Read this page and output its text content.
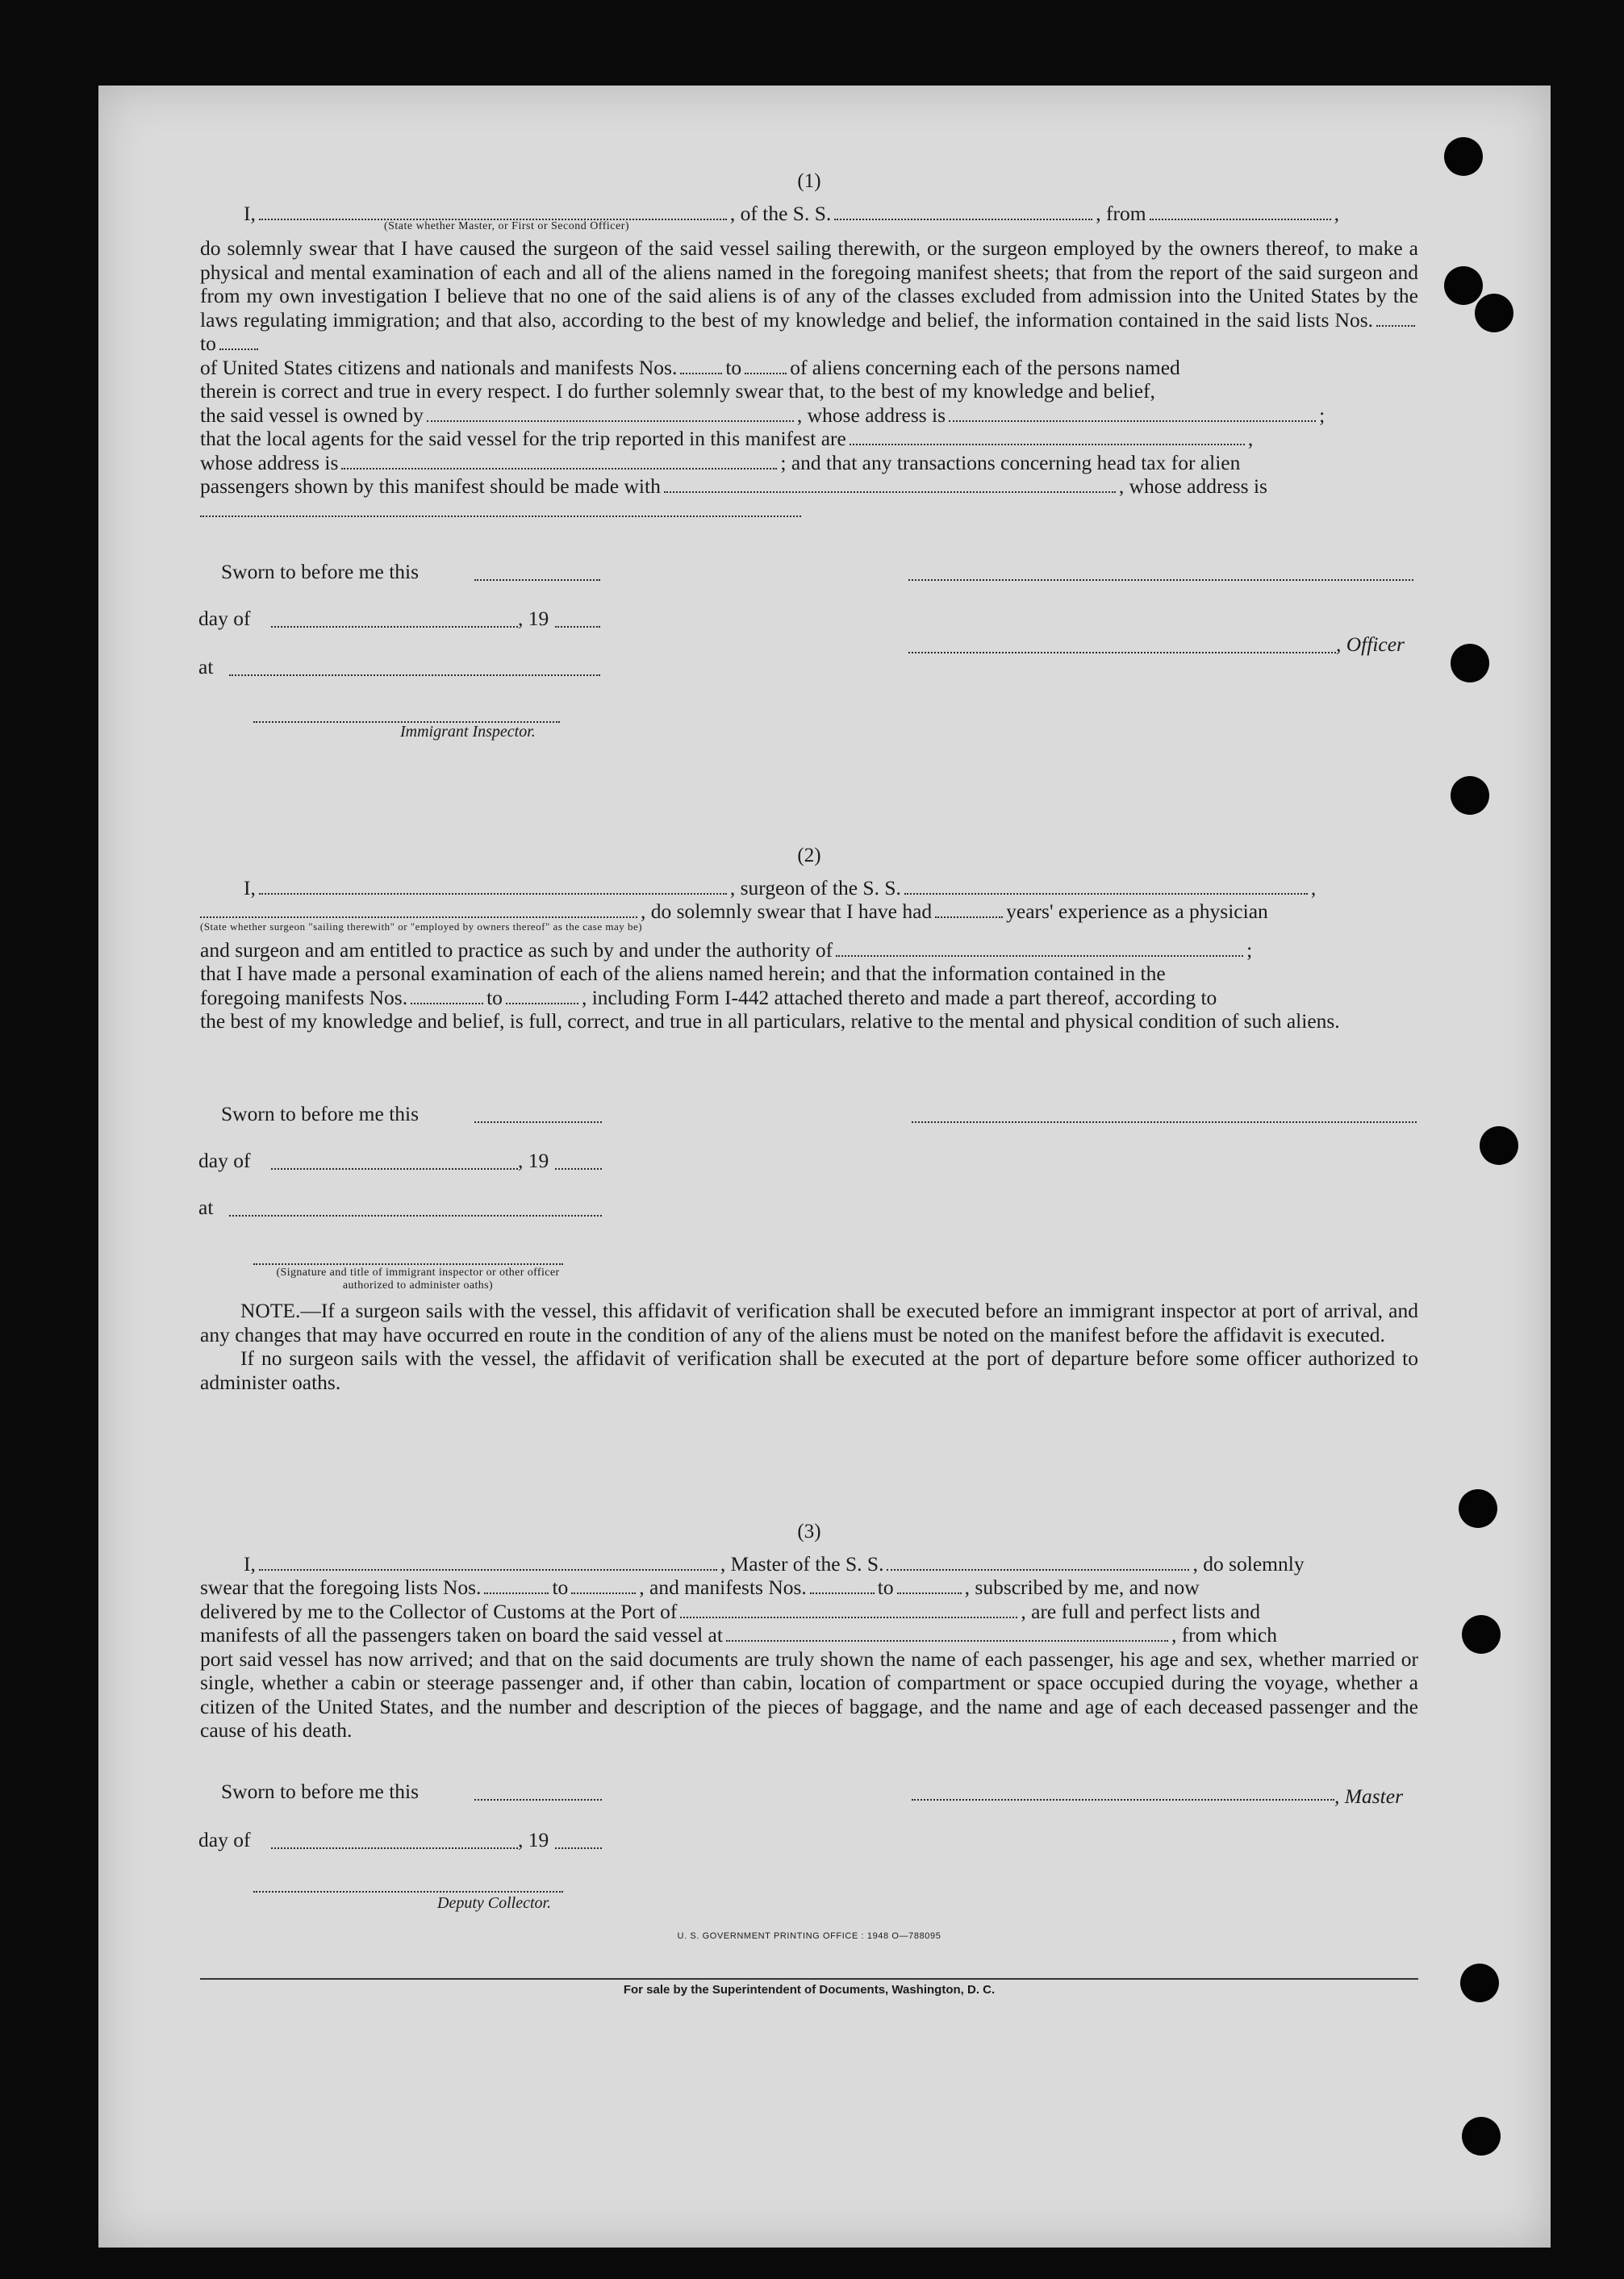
(1)
I,	, of the S. S.	, from	,
(State whether Master, or First or Second Officer)
do solemnly swear that I have caused the surgeon of the said vessel sailing therewith, or the surgeon employed by the owners thereof, to make a physical and mental examination of each and all of the aliens named in the foregoing manifest sheets; that from the report of the said surgeon and from my own investigation I believe that no one of the said aliens is of any of the classes excluded from admission into the United States by the laws regulating immigration; and that also, according to the best of my knowledge and belief, the information contained in the said lists Nos.to
of United States citizens and nationals and manifests Nos. to of aliens concerning each of the persons named
therein is correct and true in every respect. I do further solemnly swear that, to the best of my knowledge and belief,
the said vessel is owned by	, whose address is	;
that the local agents for the said vessel for the trip reported in this manifest are	,
whose address is	; and that any transactions concerning head tax for alien
passengers shown by this manifest should be made with	, whose address is
Sworn to before me this
day of	, 19
, Officer
at
Immigrant Inspector.
(2)
I,	, surgeon of the S. S.	,
, do solemnly swear that I have had	years' experience as a physician
(State whether surgeon "sailing therewith" or "employed by owners thereof" as the case may be)
and surgeon and am entitled to practice as such by and under the authority of	;
that I have made a personal examination of each of the aliens named herein; and that the information contained in the
foregoing manifests Nos.	to	, including Form I-442 attached thereto and made a part thereof, according to
the best of my knowledge and belief, is full, correct, and true in all particulars, relative to the mental and physical condition of such aliens.
Sworn to before me this
day of	, 19
at
(Signature and title of immigrant inspector or other officer authorized to administer oaths)
NOTE.—If a surgeon sails with the vessel, this affidavit of verification shall be executed before an immigrant inspector at port of arrival, and any changes that may have occurred en route in the condition of any of the aliens must be noted on the manifest before the affidavit is executed.
If no surgeon sails with the vessel, the affidavit of verification shall be executed at the port of departure before some officer authorized to administer oaths.
(3)
I,	, Master of the S. S.	, do solemnly
swear that the foregoing lists Nos.	to	, and manifests Nos.	to	, subscribed by me, and now
delivered by me to the Collector of Customs at the Port of	, are full and perfect lists and
manifests of all the passengers taken on board the said vessel at	, from which
port said vessel has now arrived; and that on the said documents are truly shown the name of each passenger, his age and sex, whether married or single, whether a cabin or steerage passenger and, if other than cabin, location of compartment or space occupied during the voyage, whether a citizen of the United States, and the number and description of the pieces of baggage, and the name and age of each deceased passenger and the cause of his death.
Sworn to before me this	, Master
day of	, 19
Deputy Collector.
U. S. GOVERNMENT PRINTING OFFICE : 1948 O—788095
For sale by the Superintendent of Documents, Washington, D. C.
